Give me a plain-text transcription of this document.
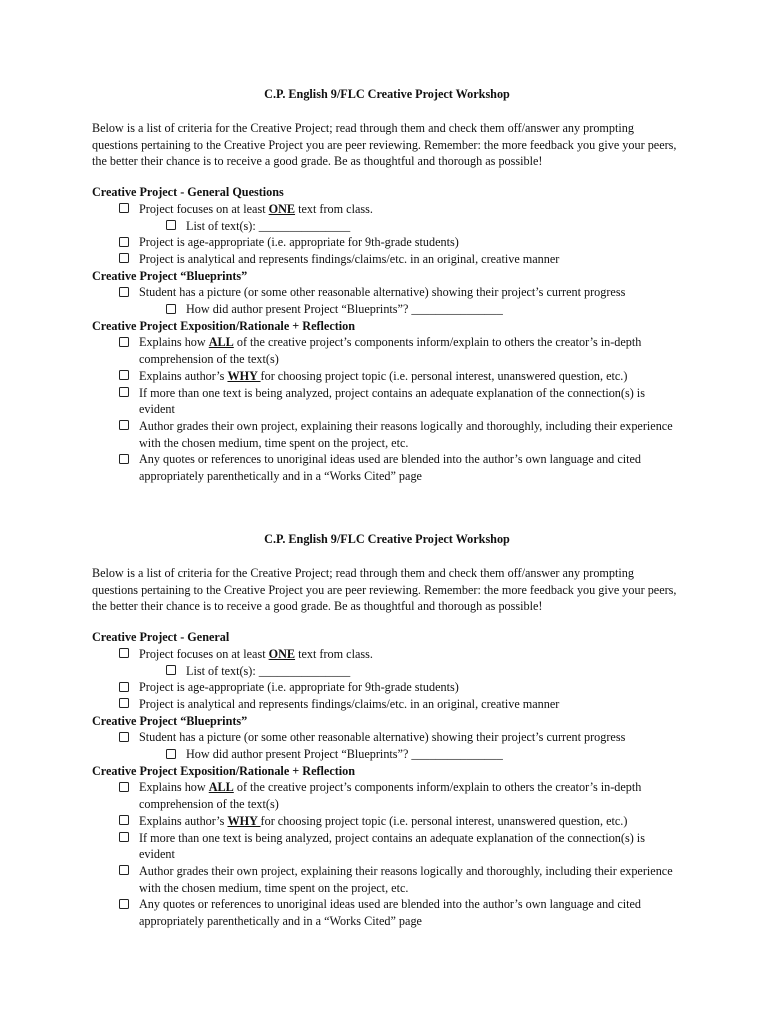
C.P. English 9/FLC Creative Project Workshop

Below is a list of criteria for the Creative Project; read through them and check them off/answer any prompting questions pertaining to the Creative Project you are peer reviewing. Remember: the more feedback you give your peers, the better their chance is to receive a good grade. Be as thoughtful and thorough as possible!

Creative Project - General Questions

Project focuses on at least ONE text from class.
List of text(s): _______________
Project is age-appropriate (i.e. appropriate for 9th-grade students)
Project is analytical and represents findings/claims/etc. in an original, creative manner

Creative Project “Blueprints”

Student has a picture (or some other reasonable alternative) showing their project’s current progress
How did author present Project “Blueprints”? _______________

Creative Project Exposition/Rationale + Reflection

Explains how ALL of the creative project’s components inform/explain to others the creator’s in-depth comprehension of the text(s)
Explains author’s WHY for choosing project topic (i.e. personal interest, unanswered question, etc.)
If more than one text is being analyzed, project contains an adequate explanation of the connection(s) is evident
Author grades their own project, explaining their reasons logically and thoroughly, including their experience with the chosen medium, time spent on the project, etc.
Any quotes or references to unoriginal ideas used are blended into the author’s own language and cited appropriately parenthetically and in a “Works Cited” page

C.P. English 9/FLC Creative Project Workshop

Below is a list of criteria for the Creative Project; read through them and check them off/answer any prompting questions pertaining to the Creative Project you are peer reviewing. Remember: the more feedback you give your peers, the better their chance is to receive a good grade. Be as thoughtful and thorough as possible!

Creative Project - General

Project focuses on at least ONE text from class.
List of text(s): _______________
Project is age-appropriate (i.e. appropriate for 9th-grade students)
Project is analytical and represents findings/claims/etc. in an original, creative manner

Creative Project “Blueprints”

Student has a picture (or some other reasonable alternative) showing their project’s current progress
How did author present Project “Blueprints”? _______________

Creative Project Exposition/Rationale + Reflection

Explains how ALL of the creative project’s components inform/explain to others the creator’s in-depth comprehension of the text(s)
Explains author’s WHY for choosing project topic (i.e. personal interest, unanswered question, etc.)
If more than one text is being analyzed, project contains an adequate explanation of the connection(s) is evident
Author grades their own project, explaining their reasons logically and thoroughly, including their experience with the chosen medium, time spent on the project, etc.
Any quotes or references to unoriginal ideas used are blended into the author’s own language and cited appropriately parenthetically and in a “Works Cited” page
